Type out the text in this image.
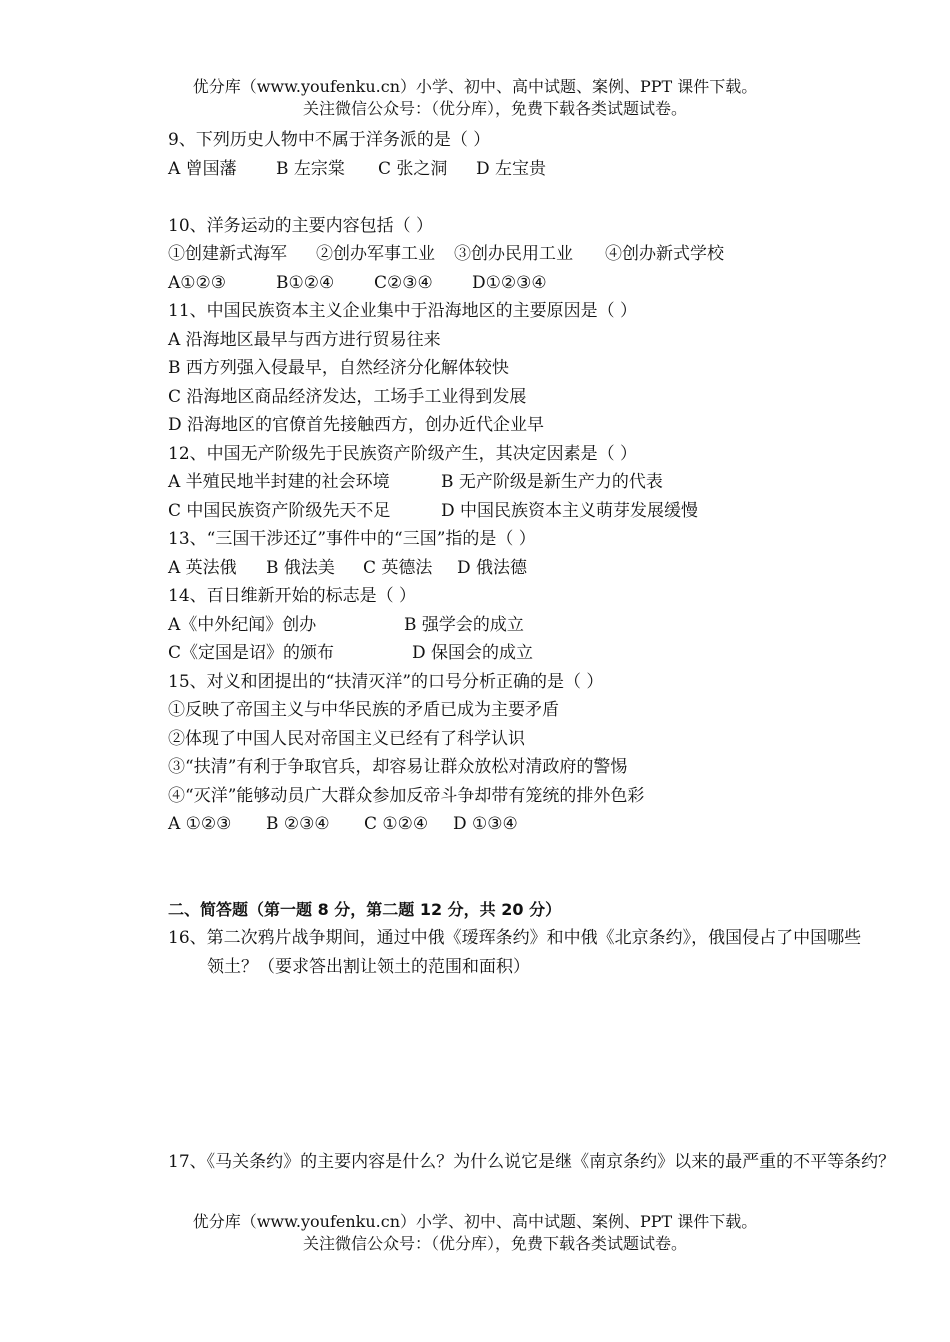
优分库（www.youfenku.cn）小学、初中、高中试题、案例、PPT 课件下载。
关注微信公众号：（优分库），免费下载各类试题试卷。
9、下列历史人物中不属于洋务派的是（ ）
A 曾国藩 B 左宗棠 C 张之洞 D 左宝贵
10、洋务运动的主要内容包括（ ）
①创建新式海军 ②创办军事工业 ③创办民用工业 ④创办新式学校
A①②③	B①②④ C②③④ D①②③④
11、中国民族资本主义企业集中于沿海地区的主要原因是（ ）
A 沿海地区最早与西方进行贸易往来
B 西方列强入侵最早，自然经济分化解体较快
C 沿海地区商品经济发达，工场手工业得到发展
D 沿海地区的官僚首先接触西方，创办近代企业早
12、中国无产阶级先于民族资产阶级产生，其决定因素是（ ）
A 半殖民地半封建的社会环境	B 无产阶级是新生产力的代表
C 中国民族资产阶级先天不足	D 中国民族资本主义萌芽发展缓慢
13、“三国干涉还辽”事件中的“三国”指的是（ ）
A 英法俄 B 俄法美 C 英德法 D 俄法德
14、百日维新开始的标志是（ ）
A《中外纪闻》创办	B 强学会的成立
C《定国是诏》的颁布	D 保国会的成立
15、对义和团提出的“扶清灭洋”的口号分析正确的是（ ）
①反映了帝国主义与中华民族的矛盾已成为主要矛盾
②体现了中国人民对帝国主义已经有了科学认识
③“扶清”有利于争取官兵，却容易让群众放松对清政府的警惕
④“灭洋”能够动员广大群众参加反帝斗争却带有笼统的排外色彩
A ①②③ B ②③④ C ①②④ D ①③④
二、简答题（第一题 8 分，第二题 12 分，共 20 分）
16、第二次鸦片战争期间，通过中俄《瑷珲条约》和中俄《北京条约》，俄国侵占了中国哪些领土？（要求答出割让领土的范围和面积）
17、《马关条约》的主要内容是什么？为什么说它是继《南京条约》以来的最严重的不平等条约？
优分库（www.youfenku.cn）小学、初中、高中试题、案例、PPT 课件下载。
关注微信公众号：（优分库），免费下载各类试题试卷。
